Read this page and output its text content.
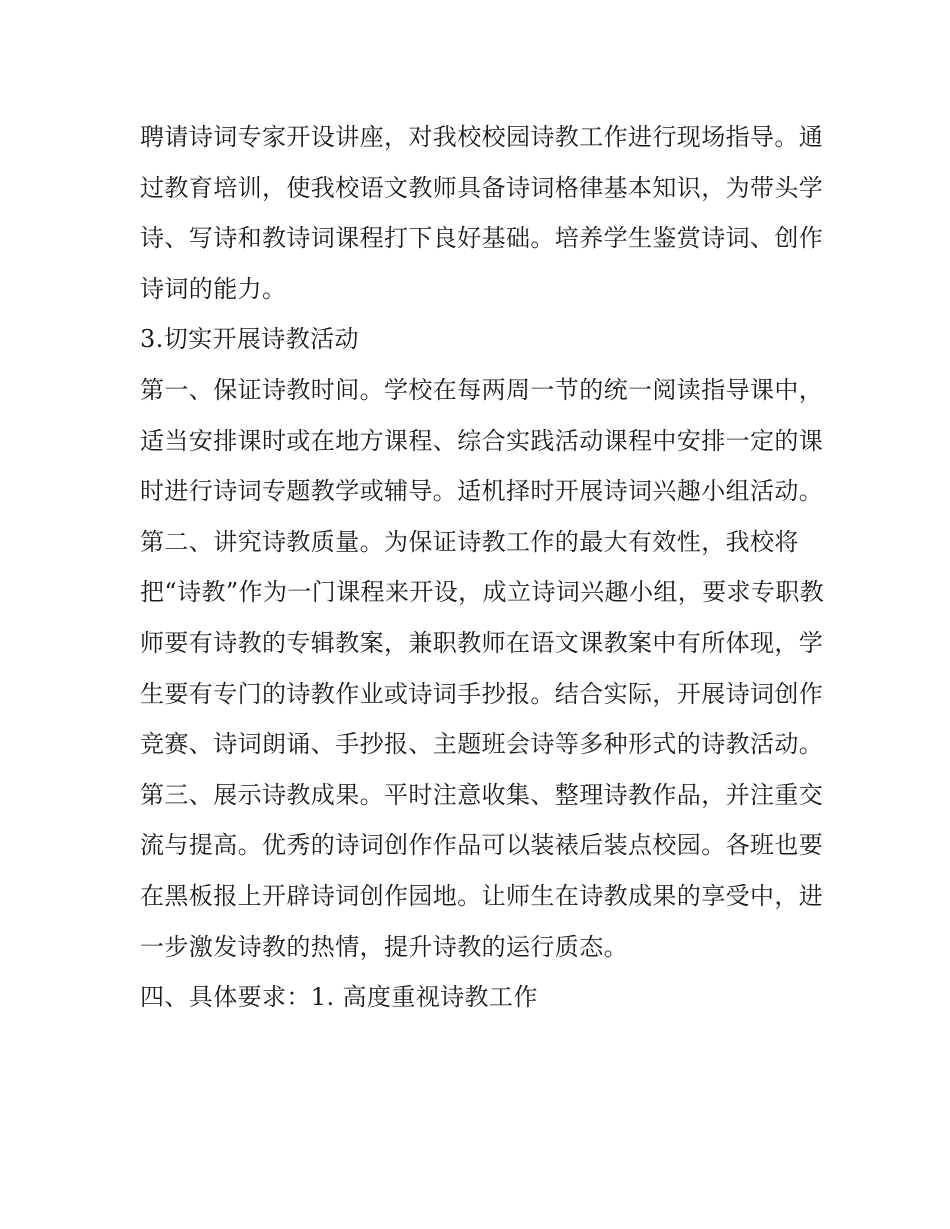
聘请诗词专家开设讲座，对我校校园诗教工作进行现场指导。通过教育培训，使我校语文教师具备诗词格律基本知识，为带头学诗、写诗和教诗词课程打下良好基础。培养学生鉴赏诗词、创作诗词的能力。

3.切实开展诗教活动

第一、保证诗教时间。学校在每两周一节的统一阅读指导课中，适当安排课时或在地方课程、综合实践活动课程中安排一定的课时进行诗词专题教学或辅导。适机择时开展诗词兴趣小组活动。

第二、讲究诗教质量。为保证诗教工作的最大有效性，我校将把“诗教”作为一门课程来开设，成立诗词兴趣小组，要求专职教师要有诗教的专辑教案，兼职教师在语文课教案中有所体现，学生要有专门的诗教作业或诗词手抄报。结合实际，开展诗词创作竞赛、诗词朗诵、手抄报、主题班会诗等多种形式的诗教活动。

第三、展示诗教成果。平时注意收集、整理诗教作品，并注重交流与提高。优秀的诗词创作作品可以装裱后装点校园。各班也要在黑板报上开辟诗词创作园地。让师生在诗教成果的享受中，进一步激发诗教的热情，提升诗教的运行质态。

四、具体要求：1. 高度重视诗教工作
